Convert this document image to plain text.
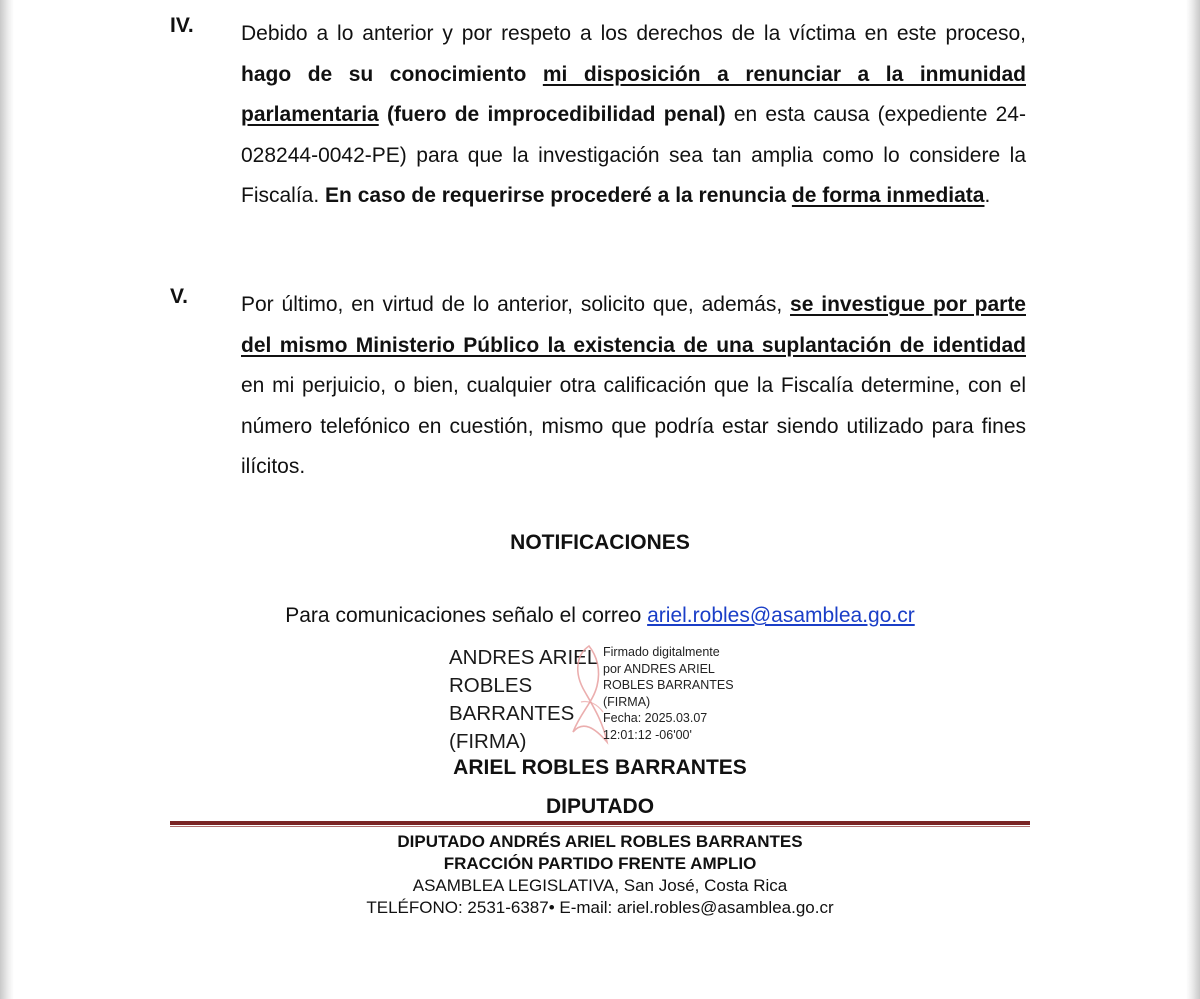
IV. Debido a lo anterior y por respeto a los derechos de la víctima en este proceso, hago de su conocimiento mi disposición a renunciar a la inmunidad parlamentaria (fuero de improcedibilidad penal) en esta causa (expediente 24-028244-0042-PE) para que la investigación sea tan amplia como lo considere la Fiscalía. En caso de requerirse procederé a la renuncia de forma inmediata.
V.	Por último, en virtud de lo anterior, solicito que, además, se investigue por parte del mismo Ministerio Público la existencia de una suplantación de identidad en mi perjuicio, o bien, cualquier otra calificación que la Fiscalía determine, con el número telefónico en cuestión, mismo que podría estar siendo utilizado para fines ilícitos.
NOTIFICACIONES
Para comunicaciones señalo el correo ariel.robles@asamblea.go.cr
ANDRES ARIEL
ROBLES
BARRANTES
(FIRMA)
Firmado digitalmente
por ANDRES ARIEL
ROBLES BARRANTES
(FIRMA)
Fecha: 2025.03.07
12:01:12 -06'00'
ARIEL ROBLES BARRANTES
DIPUTADO
DIPUTADO ANDRÉS ARIEL ROBLES BARRANTES
FRACCIÓN PARTIDO FRENTE AMPLIO
ASAMBLEA LEGISLATIVA, San José, Costa Rica
TELÉFONO: 2531-6387• E-mail: ariel.robles@asamblea.go.cr
